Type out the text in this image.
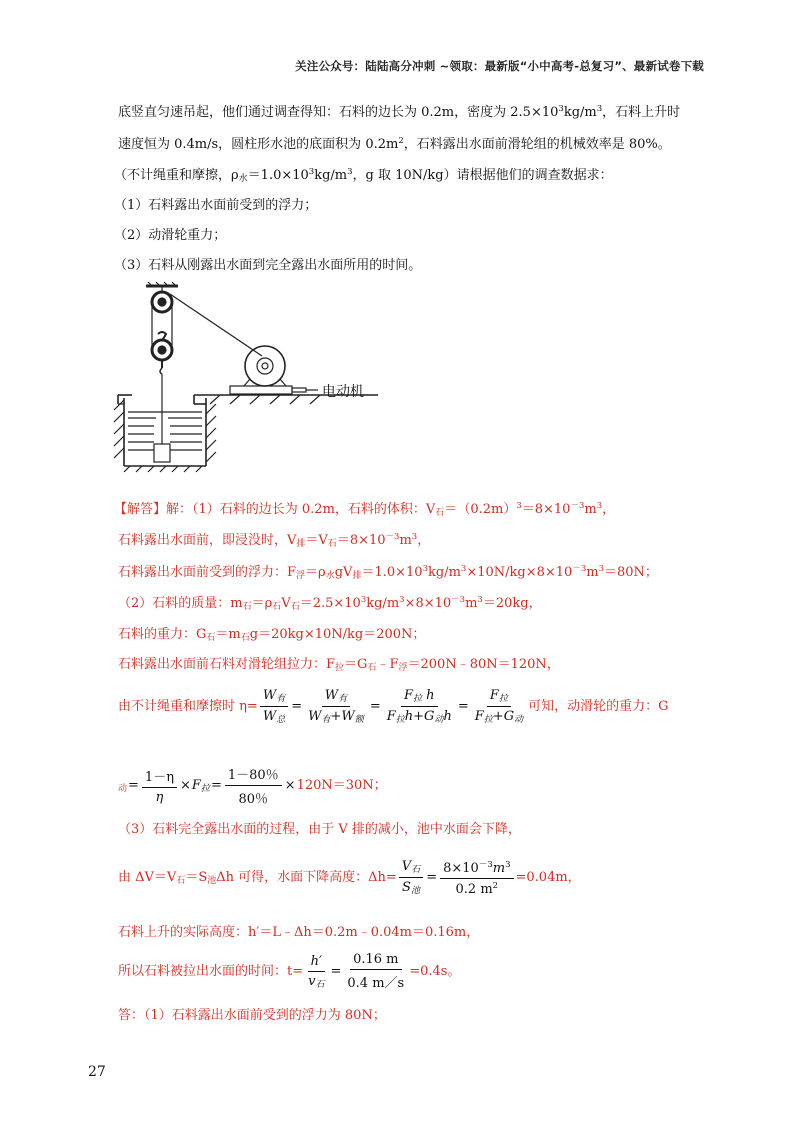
关注公众号：陆陆高分冲刺 ~领取：最新版“小中高考-总复习”、最新试卷下载
底竖直匀速吊起，他们通过调查得知：石料的边长为 0.2m，密度为 $2.5\times 10^3kg/m^3$，石料上升时
速度恒为 0.4m/s，圆柱形水池的底面积为 $0.2m^2$，石料露出水面前滑轮组的机械效率是 80%。
（不计绳重和摩擦，$\rho_水=1.0\times 10^3kg/m^3$，g 取 10N/kg）请根据他们的调查数据求：
（1）石料露出水面前受到的浮力；
（2）动滑轮重力；
（3）石料从刚露出水面到完全露出水面所用的时间。
电动机
【解答】解：（1）石料的边长为 0.2m，石料的体积：$V_石=(0.2m)^3=8\times 10^{-3}m^3$，
石料露出水面前，即浸没时，$V_排=V_石=8\times 10^{-3}m^3$，
石料露出水面前受到的浮力：$F_浮=\rho_水gV_排=1.0\times 10^3kg/m^3\times 10N/kg\times 8\times 10^{-3}m^3=80N$；
（2）石料的质量：$m_石=\rho_石V_石=2.5\times 10^3kg/m^3\times 8\times 10^{-3}m^3=20kg$，
石料的重力：$G_石=m_石g=20kg\times 10N/kg=200N$；
石料露出水面前石料对滑轮组拉力：$F_拉=G_石﹣F_浮=200N﹣80N=120N$，
由不计绳重和摩擦时 $\eta= \frac{W_有}{W_总} = \frac{W_有}{W_有+W_额} = \frac{F_拉 h}{F_拉h+G_动h} = \frac{F_拉}{F_拉+G_动}$ 可知，动滑轮的重力：G
$_动= \frac{1-\eta}{\eta} \times F_拉= \frac{1-80\%}{80\%} \times 120N=30N$；
（3）石料完全露出水面的过程，由于 V 排的减小，池中水面会下降，
由 $\Delta V=V_石=S_池\Delta h$ 可得，水面下降高度：$\Delta h= \frac{V_石}{S_池} = \frac{8\times 10^{-3}m^3}{0.2 m^2} =0.04m$，
石料上升的实际高度：h′＝L﹣Δh＝0.2m﹣0.04m＝0.16m，
所以石料被拉出水面的时间：$t= \frac{h'}{v_石} = \frac{0.16 m}{0.4 m/s} =0.4s$。
答：（1）石料露出水面前受到的浮力为 80N；
27
